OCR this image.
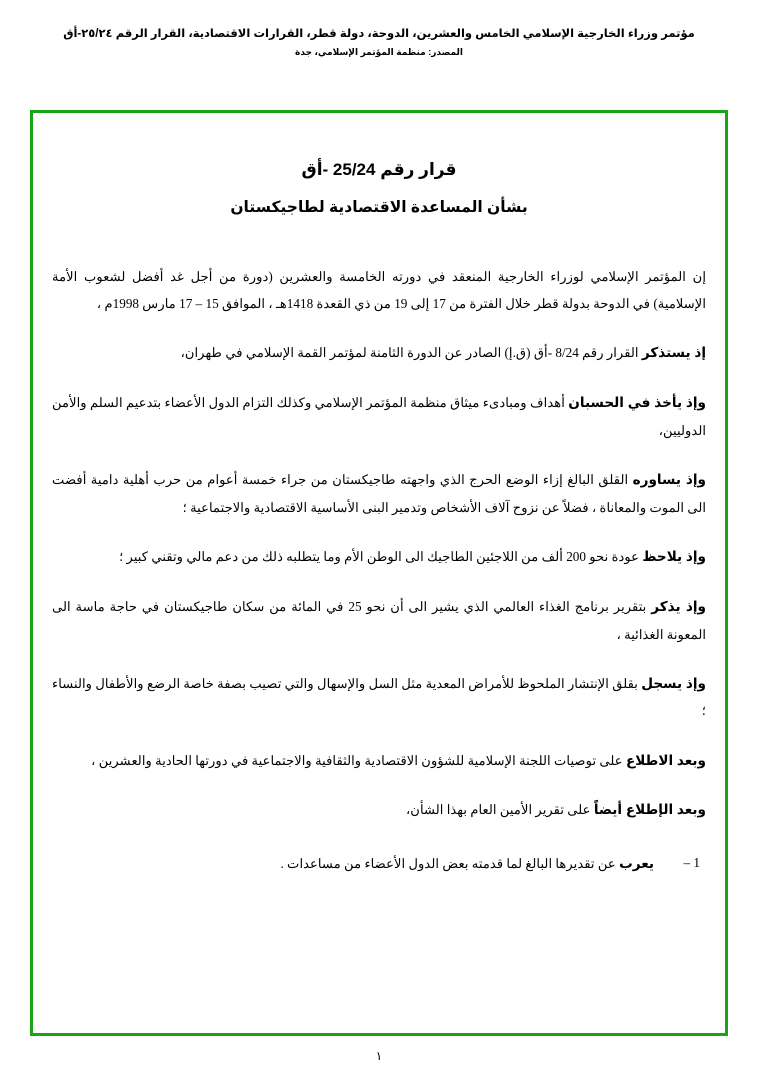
مؤتمر وزراء الخارجية الإسلامي الخامس والعشرين، الدوحة، دولة قطر، القرارات الاقتصادية، القرار الرقم ٢٥/٢٤-أق
المصدر: منظمة المؤتمر الإسلامي، جدة
قرار رقم 25/24 -أق
بشأن المساعدة الاقتصادية لطاجيكستان
إن المؤتمر الإسلامي لوزراء الخارجية المنعقد في دورته الخامسة والعشرين (دورة من أجل غد أفضل لشعوب الأمة الإسلامية) في الدوحة بدولة قطر خلال الفترة من 17 إلى 19 من ذي القعدة 1418هـ ، الموافق 15 – 17 مارس 1998م ،
إذ يستذكر القرار رقم 8/24 -أق (ق.إ) الصادر عن الدورة الثامنة لمؤتمر القمة الإسلامي في طهران،
وإذ يأخذ في الحسبان أهداف ومبادىء ميثاق منظمة المؤتمر الإسلامي وكذلك التزام الدول الأعضاء بتدعيم السلم والأمن الدوليين،
وإذ يساوره القلق البالغ إزاء الوضع الحرج الذي واجهته طاجيكستان من جراء خمسة أعوام من حرب أهلية دامية أفضت الى الموت والمعاناة ، فضلاً عن نزوح آلاف الأشخاص وتدمير البنى الأساسية الاقتصادية والاجتماعية ؛
وإذ يلاحظ عودة نحو 200 ألف من اللاجئين الطاجيك الى الوطن الأم وما يتطلبه ذلك من دعم مالي وتقني كبير ؛
وإذ يذكر بتقرير برنامج الغذاء العالمي الذي يشير الى أن نحو 25 في المائة من سكان طاجيكستان في حاجة ماسة الى المعونة الغذائية ،
وإذ يسجل بقلق الإنتشار الملحوظ للأمراض المعدية مثل السل والإسهال والتي تصيب بصفة خاصة الرضع والأطفال والنساء ؛
وبعد الاطلاع على توصيات اللجنة الإسلامية للشؤون الاقتصادية والثقافية والاجتماعية في دورتها الحادية والعشرين ،
وبعد الإطلاع أيضاً على تقرير الأمين العام بهذا الشأن،
1 –
يعرب عن تقديرها البالغ لما قدمته بعض الدول الأعضاء من مساعدات .
١
